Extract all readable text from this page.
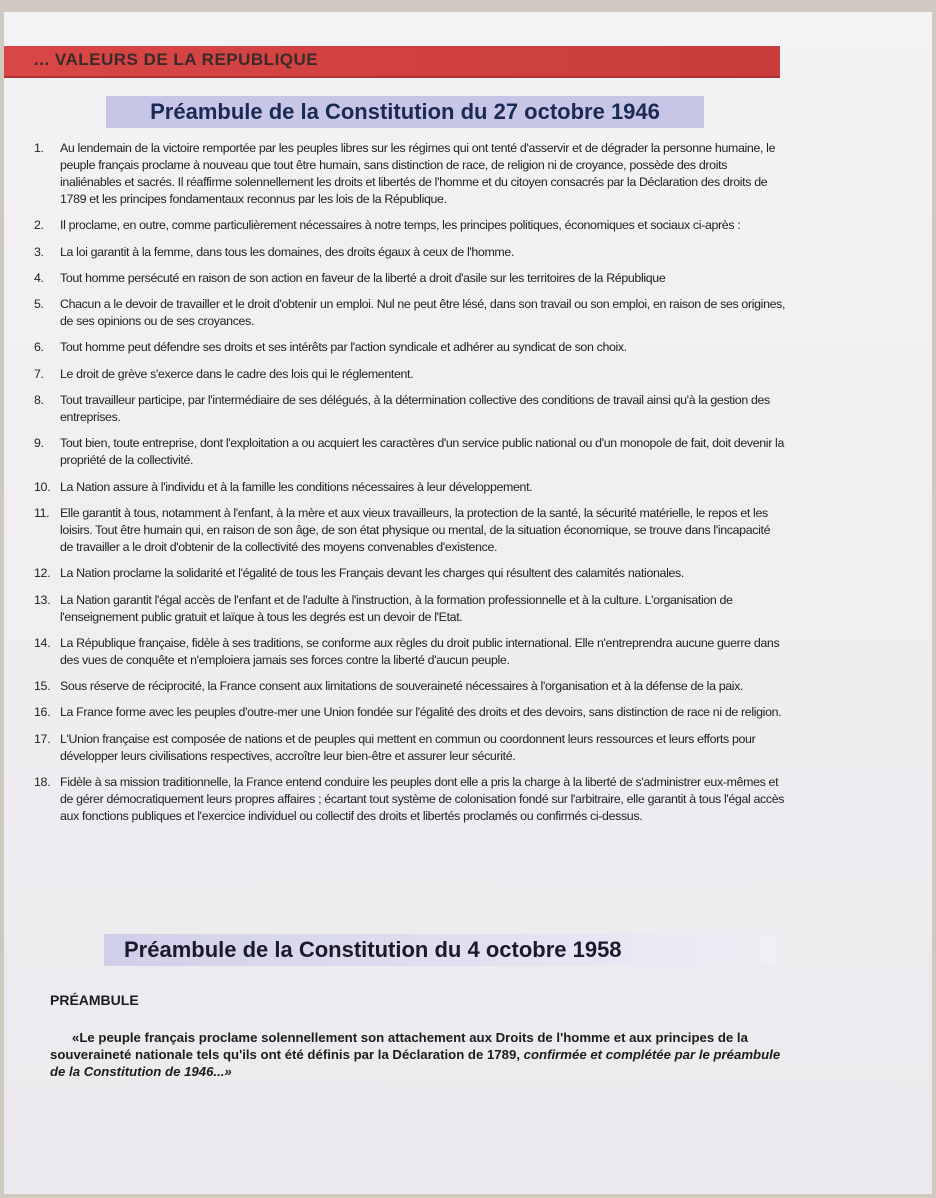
... VALEURS DE LA REPUBLIQUE
Préambule de la Constitution du 27 octobre 1946
1.	Au lendemain de la victoire remportée par les peuples libres sur les régimes qui ont tenté d'asservir et de dégrader la personne humaine, le peuple français proclame à nouveau que tout être humain, sans distinction de race, de religion ni de croyance, possède des droits inaliénables et sacrés. Il réaffirme solennellement les droits et libertés de l'homme et du citoyen consacrés par la Déclaration des droits de 1789 et les principes fondamentaux reconnus par les lois de la République.
2.	Il proclame, en outre, comme particulièrement nécessaires à notre temps, les principes politiques, économiques et sociaux ci-après :
3.	La loi garantit à la femme, dans tous les domaines, des droits égaux à ceux de l'homme.
4.	Tout homme persécuté en raison de son action en faveur de la liberté a droit d'asile sur les territoires de la République
5.	Chacun a le devoir de travailler et le droit d'obtenir un emploi. Nul ne peut être lésé, dans son travail ou son emploi, en raison de ses origines, de ses opinions ou de ses croyances.
6.	Tout homme peut défendre ses droits et ses intérêts par l'action syndicale et adhérer au syndicat de son choix.
7.	Le droit de grève s'exerce dans le cadre des lois qui le réglementent.
8.	Tout travailleur participe, par l'intermédiaire de ses délégués, à la détermination collective des conditions de travail ainsi qu'à la gestion des entreprises.
9.	Tout bien, toute entreprise, dont l'exploitation a ou acquiert les caractères d'un service public national ou d'un monopole de fait, doit devenir la propriété de la collectivité.
10. La Nation assure à l'individu et à la famille les conditions nécessaires à leur développement.
11. Elle garantit à tous, notamment à l'enfant, à la mère et aux vieux travailleurs, la protection de la santé, la sécurité matérielle, le repos et les loisirs. Tout être humain qui, en raison de son âge, de son état physique ou mental, de la situation économique, se trouve dans l'incapacité de travailler a le droit d'obtenir de la collectivité des moyens convenables d'existence.
12. La Nation proclame la solidarité et l'égalité de tous les Français devant les charges qui résultent des calamités nationales.
13. La Nation garantit l'égal accès de l'enfant et de l'adulte à l'instruction, à la formation professionnelle et à la culture. L'organisation de l'enseignement public gratuit et laïque à tous les degrés est un devoir de l'Etat.
14. La République française, fidèle à ses traditions, se conforme aux règles du droit public international. Elle n'entreprendra aucune guerre dans des vues de conquête et n'emploiera jamais ses forces contre la liberté d'aucun peuple.
15. Sous réserve de réciprocité, la France consent aux limitations de souveraineté nécessaires à l'organisation et à la défense de la paix.
16. La France forme avec les peuples d'outre-mer une Union fondée sur l'égalité des droits et des devoirs, sans distinction de race ni de religion.
17. L'Union française est composée de nations et de peuples qui mettent en commun ou coordonnent leurs ressources et leurs efforts pour développer leurs civilisations respectives, accroître leur bien-être et assurer leur sécurité.
18. Fidèle à sa mission traditionnelle, la France entend conduire les peuples dont elle a pris la charge à la liberté de s'administrer eux-mêmes et de gérer démocratiquement leurs propres affaires ; écartant tout système de colonisation fondé sur l'arbitraire, elle garantit à tous l'égal accès aux fonctions publiques et l'exercice individuel ou collectif des droits et libertés proclamés ou confirmés ci-dessus.
Préambule de la Constitution du 4 octobre 1958
PRÉAMBULE

«Le peuple français proclame solennellement son attachement aux Droits de l'homme et aux principes de la souveraineté nationale tels qu'ils ont été définis par la Déclaration de 1789, confirmée et complétée par le préambule de la Constitution de 1946...»
